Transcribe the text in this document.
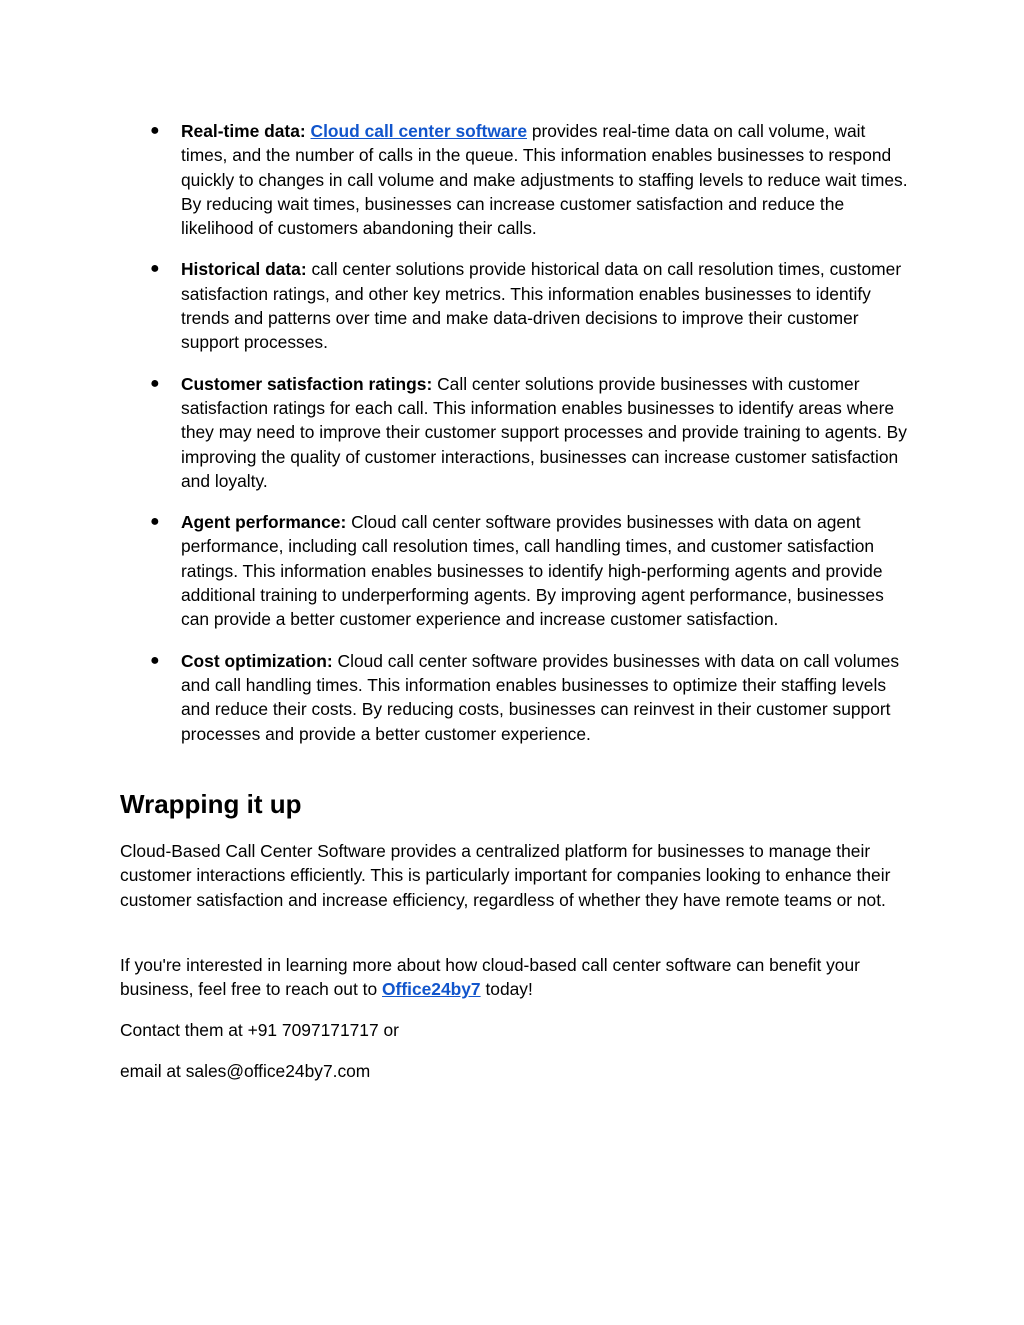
● Real-time data: Cloud call center software provides real-time data on call volume, wait times, and the number of calls in the queue. This information enables businesses to respond quickly to changes in call volume and make adjustments to staffing levels to reduce wait times. By reducing wait times, businesses can increase customer satisfaction and reduce the likelihood of customers abandoning their calls.
● Historical data: call center solutions provide historical data on call resolution times, customer satisfaction ratings, and other key metrics. This information enables businesses to identify trends and patterns over time and make data-driven decisions to improve their customer support processes.
● Customer satisfaction ratings: Call center solutions provide businesses with customer satisfaction ratings for each call. This information enables businesses to identify areas where they may need to improve their customer support processes and provide training to agents. By improving the quality of customer interactions, businesses can increase customer satisfaction and loyalty.
● Agent performance: Cloud call center software provides businesses with data on agent performance, including call resolution times, call handling times, and customer satisfaction ratings. This information enables businesses to identify high-performing agents and provide additional training to underperforming agents. By improving agent performance, businesses can provide a better customer experience and increase customer satisfaction.
● Cost optimization: Cloud call center software provides businesses with data on call volumes and call handling times. This information enables businesses to optimize their staffing levels and reduce their costs. By reducing costs, businesses can reinvest in their customer support processes and provide a better customer experience.
Wrapping it up

Cloud-Based Call Center Software provides a centralized platform for businesses to manage their customer interactions efficiently. This is particularly important for companies looking to enhance their customer satisfaction and increase efficiency, regardless of whether they have remote teams or not.

If you're interested in learning more about how cloud-based call center software can benefit your business, feel free to reach out to Office24by7 today!

Contact them at +91 7097171717 or

email at sales@office24by7.com
